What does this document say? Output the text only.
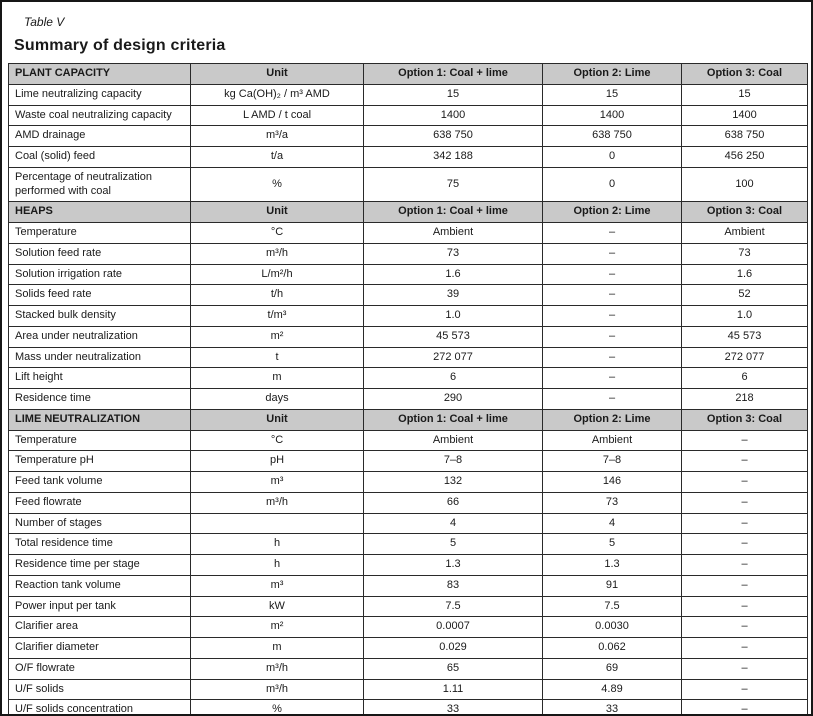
Table V
Summary of design criteria
PLANT CAPACITY	Unit	Option 1: Coal + lime	Option 2: Lime	Option 3: Coal
Lime neutralizing capacity	kg Ca(OH)₂ / m³ AMD	15	15	15
Waste coal neutralizing capacity	L AMD / t coal	1400	1400	1400
AMD drainage	m³/a	638 750	638 750	638 750
Coal (solid) feed	t/a	342 188	0	456 250
Percentage of neutralization performed with coal	%	75	0	100
HEAPS	Unit	Option 1: Coal + lime	Option 2: Lime	Option 3: Coal
Temperature	°C	Ambient	–	Ambient
Solution feed rate	m³/h	73	–	73
Solution irrigation rate	L/m²/h	1.6	–	1.6
Solids feed rate	t/h	39	–	52
Stacked bulk density	t/m³	1.0	–	1.0
Area under neutralization	m²	45 573	–	45 573
Mass under neutralization	t	272 077	–	272 077
Lift height	m	6	–	6
Residence time	days	290	–	218
LIME NEUTRALIZATION	Unit	Option 1: Coal + lime	Option 2: Lime	Option 3: Coal
Temperature	°C	Ambient	Ambient	–
Temperature pH	pH	7–8	7–8	–
Feed tank volume	m³	132	146	–
Feed flowrate	m³/h	66	73	–
Number of stages		4	4	–
Total residence time	h	5	5	–
Residence time per stage	h	1.3	1.3	–
Reaction tank volume	m³	83	91	–
Power input per tank	kW	7.5	7.5	–
Clarifier area	m²	0.0007	0.0030	–
Clarifier diameter	m	0.029	0.062	–
O/F flowrate	m³/h	65	69	–
U/F solids	m³/h	1.11	4.89	–
U/F solids concentration	%	33	33	–
